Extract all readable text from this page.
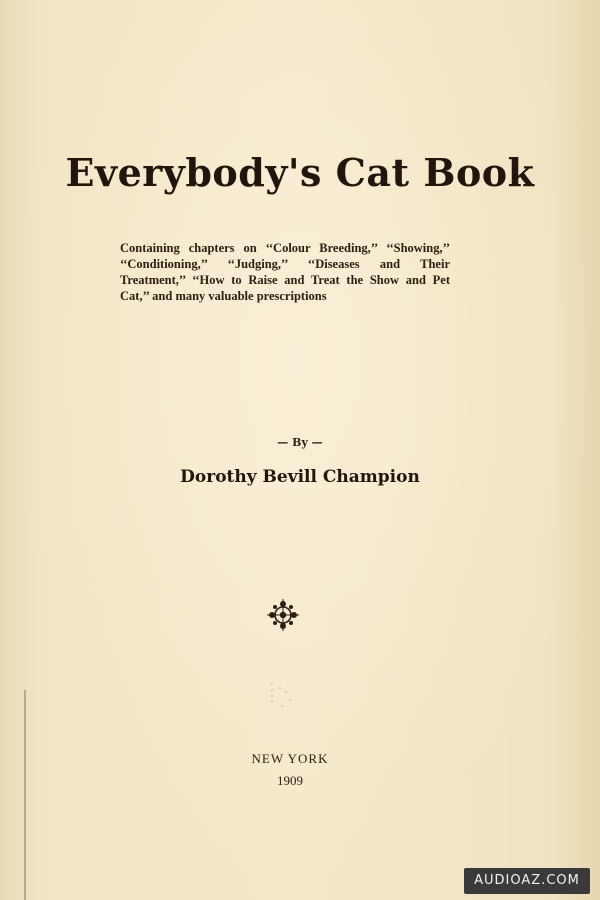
Everybody's Cat Book
Containing chapters on ‘‘Colour Breeding,’’ ‘‘Showing,’’ ‘‘Conditioning,’’ ‘‘Judging,’’ ‘‘Diseases and Their Treatment,’’ ‘‘How to Raise and Treat the Show and Pet Cat,’’ and many valuable prescriptions
— By —
Dorothy Bevill Champion
NEW YORK
1909
AUDIOAZ.COM
